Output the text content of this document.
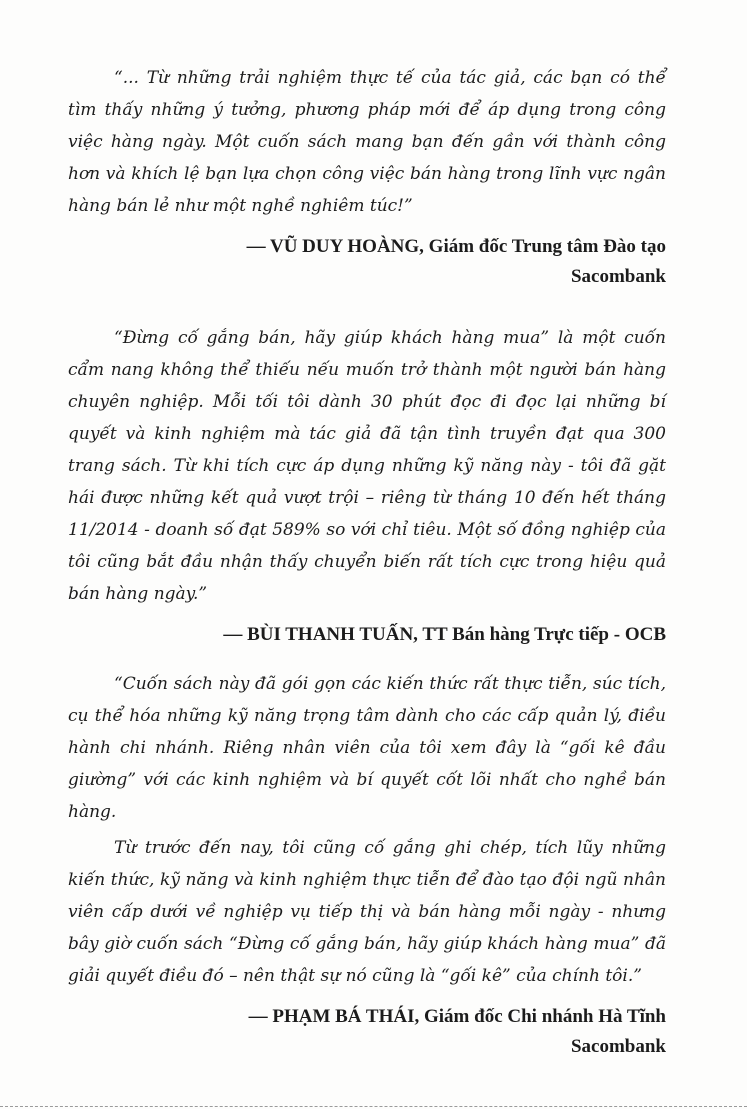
“... Từ những trải nghiệm thực tế của tác giả, các bạn có thể tìm thấy những ý tưởng, phương pháp mới để áp dụng trong công việc hàng ngày. Một cuốn sách mang bạn đến gần với thành công hơn và khích lệ bạn lựa chọn công việc bán hàng trong lĩnh vực ngân hàng bán lẻ như một nghề nghiêm túc!”

— VŨ DUY HOÀNG, Giám đốc Trung tâm Đào tạo
Sacombank

“Đừng cố gắng bán, hãy giúp khách hàng mua” là một cuốn cẩm nang không thể thiếu nếu muốn trở thành một người bán hàng chuyên nghiệp. Mỗi tối tôi dành 30 phút đọc đi đọc lại những bí quyết và kinh nghiệm mà tác giả đã tận tình truyền đạt qua 300 trang sách. Từ khi tích cực áp dụng những kỹ năng này - tôi đã gặt hái được những kết quả vượt trội – riêng từ tháng 10 đến hết tháng 11/2014 - doanh số đạt 589% so với chỉ tiêu. Một số đồng nghiệp của tôi cũng bắt đầu nhận thấy chuyển biến rất tích cực trong hiệu quả bán hàng ngày.”

— BÙI THANH TUẤN, TT Bán hàng Trực tiếp - OCB

“Cuốn sách này đã gói gọn các kiến thức rất thực tiễn, súc tích, cụ thể hóa những kỹ năng trọng tâm dành cho các cấp quản lý, điều hành chi nhánh. Riêng nhân viên của tôi xem đây là “gối kê đầu giường” với các kinh nghiệm và bí quyết cốt lõi nhất cho nghề bán hàng.

Từ trước đến nay, tôi cũng cố gắng ghi chép, tích lũy những kiến thức, kỹ năng và kinh nghiệm thực tiễn để đào tạo đội ngũ nhân viên cấp dưới về nghiệp vụ tiếp thị và bán hàng mỗi ngày - nhưng bây giờ cuốn sách “Đừng cố gắng bán, hãy giúp khách hàng mua” đã giải quyết điều đó – nên thật sự nó cũng là “gối kê” của chính tôi.”

— PHẠM BÁ THÁI, Giám đốc Chi nhánh Hà Tĩnh
Sacombank
